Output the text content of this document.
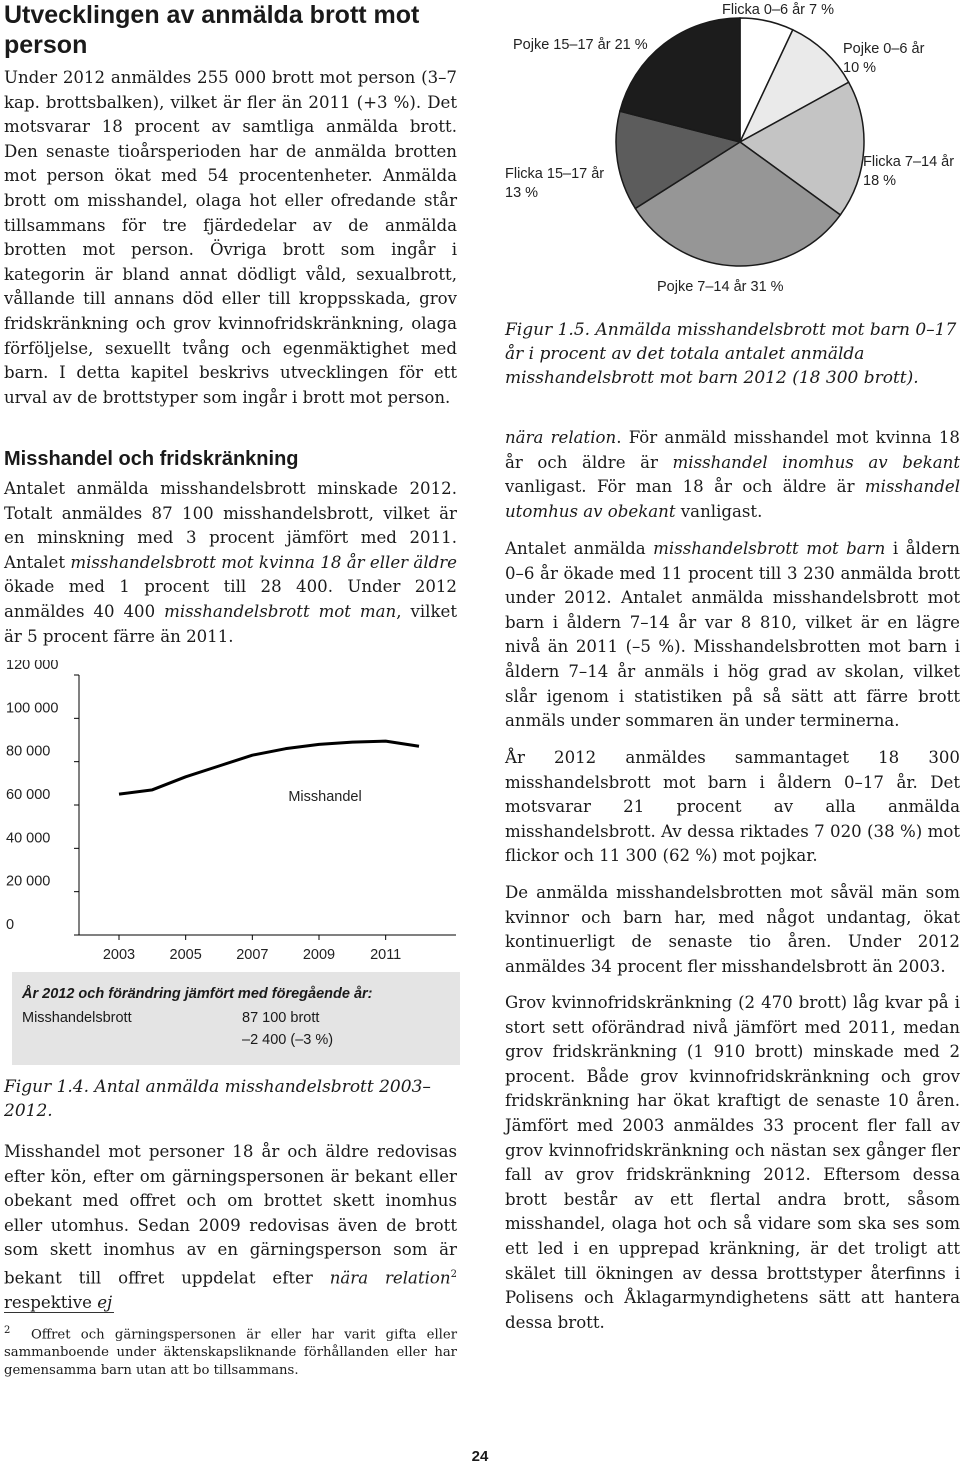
Utvecklingen av anmälda brott mot person

Under 2012 anmäldes 255 000 brott mot person (3–7 kap. brottsbalken), vilket är fler än 2011 (+3 %). Det motsvarar 18 procent av samtliga anmälda brott. Den senaste tioårsperioden har de anmälda brotten mot person ökat med 54 procentenheter. Anmälda brott om misshandel, olaga hot eller ofredande står tillsammans för tre fjärdedelar av de anmälda brotten mot person. Övriga brott som ingår i kategorin är bland annat dödligt våld, sexualbrott, vållande till annans död eller till kroppsskada, grov fridskränkning och grov kvinnofridskränkning, olaga förföljelse, sexuellt tvång och egenmäktighet med barn. I detta kapitel beskrivs utvecklingen för ett urval av de brottstyper som ingår i brott mot person.

Misshandel och fridskränkning

Antalet anmälda misshandelsbrott minskade 2012. Totalt anmäldes 87 100 misshandelsbrott, vilket är en minskning med 3 procent jämfört med 2011. Antalet misshandelsbrott mot kvinna 18 år eller äldre ökade med 1 procent till 28 400. Under 2012 anmäldes 40 400 misshandelsbrott mot man, vilket är 5 procent färre än 2011.

0
20 000
40 000
60 000
80 000
100 000
120 000
2003 2005 2007 2009 2011
Misshandel
År 2012 och förändring jämfört med föregående år:
Misshandelsbrott	87 100 brott
–2 400 (–3 %)

Figur 1.4. Antal anmälda misshandelsbrott 2003–2012.

Misshandel mot personer 18 år och äldre redovisas efter kön, efter om gärningspersonen är bekant eller obekant med offret och om brottet skett inomhus eller utomhus. Sedan 2009 redovisas även de brott som skett inomhus av en gärningsperson som är bekant till offret uppdelat efter nära relation$^2$ respektive ej

$^2$ Offret och gärningspersonen är eller har varit gifta eller sammanboende under äktenskapsliknande förhållanden eller har gemensamma barn utan att bo tillsammans.

Flicka 0–6 år 7 %
Pojke 0–6 år
10 %
Flicka 7–14 år
18 %
Pojke 7–14 år 31 %
Flicka 15–17 år
13 %
Pojke 15–17 år 21 %

Figur 1.5. Anmälda misshandelsbrott mot barn 0–17 år i procent av det totala antalet anmälda misshandelsbrott mot barn 2012 (18 300 brott).

nära relation. För anmäld misshandel mot kvinna 18 år och äldre är misshandel inomhus av bekant vanligast. För man 18 år och äldre är misshandel utomhus av obekant vanligast.

Antalet anmälda misshandelsbrott mot barn i åldern 0–6 år ökade med 11 procent till 3 230 anmälda brott under 2012. Antalet anmälda misshandelsbrott mot barn i åldern 7–14 år var 8 810, vilket är en lägre nivå än 2011 (–5 %). Misshandelsbrotten mot barn i åldern 7–14 år anmäls i hög grad av skolan, vilket slår igenom i statistiken på så sätt att färre brott anmäls under sommaren än under terminerna.

År 2012 anmäldes sammantaget 18 300 misshandelsbrott mot barn i åldern 0–17 år. Det motsvarar 21 procent av alla anmälda misshandelsbrott. Av dessa riktades 7 020 (38 %) mot flickor och 11 300 (62 %) mot pojkar.

De anmälda misshandelsbrotten mot såväl män som kvinnor och barn har, med något undantag, ökat kontinuerligt de senaste tio åren. Under 2012 anmäldes 34 procent fler misshandelsbrott än 2003.

Grov kvinnofridskränkning (2 470 brott) låg kvar på i stort sett oförändrad nivå jämfört med 2011, medan grov fridskränkning (1 910 brott) minskade med 2 procent. Både grov kvinnofridskränkning och grov fridskränkning har ökat kraftigt de senaste 10 åren. Jämfört med 2003 anmäldes 33 procent fler fall av grov kvinnofridskränkning och nästan sex gånger fler fall av grov fridskränkning 2012. Eftersom dessa brott består av ett flertal andra brott, såsom misshandel, olaga hot och så vidare som ska ses som ett led i en upprepad kränkning, är det troligt att skälet till ökningen av dessa brottstyper återfinns i Polisens och Åklagarmyndighetens sätt att hantera dessa brott.

24
